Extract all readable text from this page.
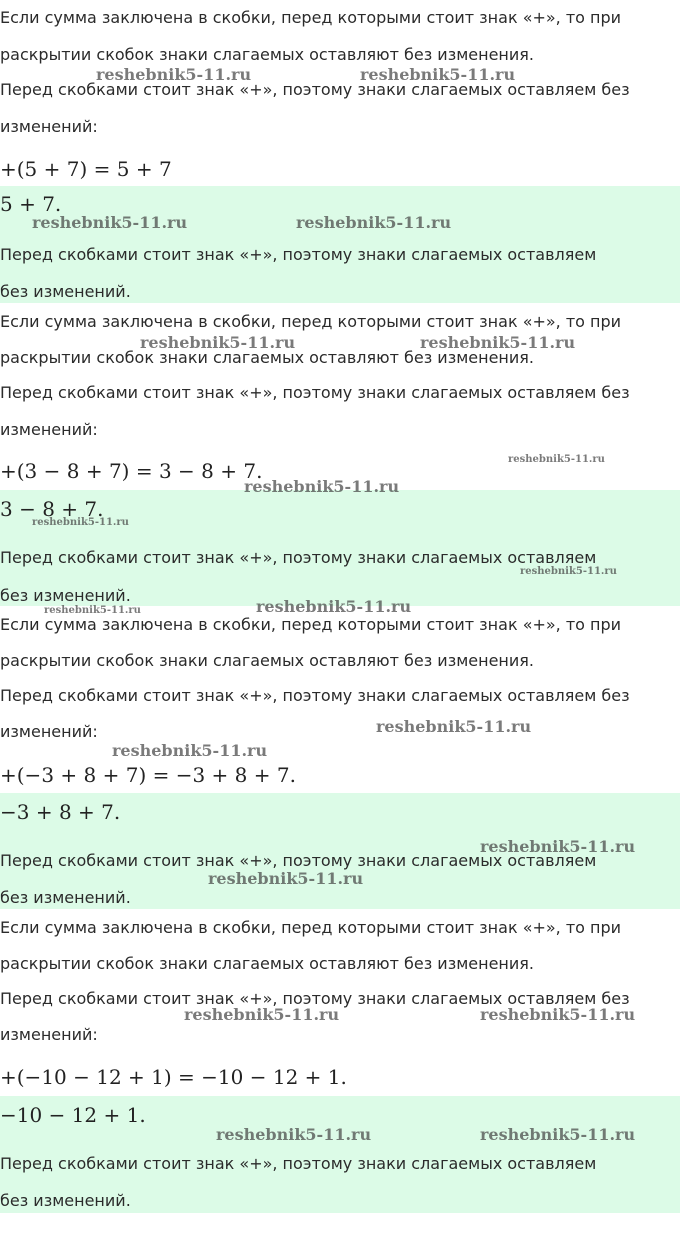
Если сумма заключена в скобки, перед которыми стоит знак «+», то при

раскрытии скобок знаки слагаемых оставляют без изменения.

Перед скобками стоит знак «+», поэтому знаки слагаемых оставляем без

изменений:

+(5 + 7) = 5 + 7

5 + 7.

Перед скобками стоит знак «+», поэтому знаки слагаемых оставляем

без изменений.

Если сумма заключена в скобки, перед которыми стоит знак «+», то при

раскрытии скобок знаки слагаемых оставляют без изменения.

Перед скобками стоит знак «+», поэтому знаки слагаемых оставляем без

изменений:

+(3 − 8 + 7) = 3 − 8 + 7.

3 − 8 + 7.

Перед скобками стоит знак «+», поэтому знаки слагаемых оставляем

без изменений.

Если сумма заключена в скобки, перед которыми стоит знак «+», то при

раскрытии скобок знаки слагаемых оставляют без изменения.

Перед скобками стоит знак «+», поэтому знаки слагаемых оставляем без

изменений:

+(−3 + 8 + 7) = −3 + 8 + 7.

−3 + 8 + 7.

Перед скобками стоит знак «+», поэтому знаки слагаемых оставляем

без изменений.

Если сумма заключена в скобки, перед которыми стоит знак «+», то при

раскрытии скобок знаки слагаемых оставляют без изменения.

Перед скобками стоит знак «+», поэтому знаки слагаемых оставляем без

изменений:

+(−10 − 12 + 1) = −10 − 12 + 1.

−10 − 12 + 1.

Перед скобками стоит знак «+», поэтому знаки слагаемых оставляем

без изменений.

reshebnik5-11.ru	reshebnik5-11.ru
reshebnik5-11.ru	reshebnik5-11.ru
reshebnik5-11.ru	reshebnik5-11.ru
reshebnik5-11.ru
reshebnik5-11.ru
reshebnik5-11.ru
reshebnik5-11.ru
reshebnik5-11.ru	reshebnik5-11.ru
reshebnik5-11.ru
reshebnik5-11.ru
reshebnik5-11.ru
reshebnik5-11.ru
reshebnik5-11.ru	reshebnik5-11.ru
reshebnik5-11.ru	reshebnik5-11.ru
